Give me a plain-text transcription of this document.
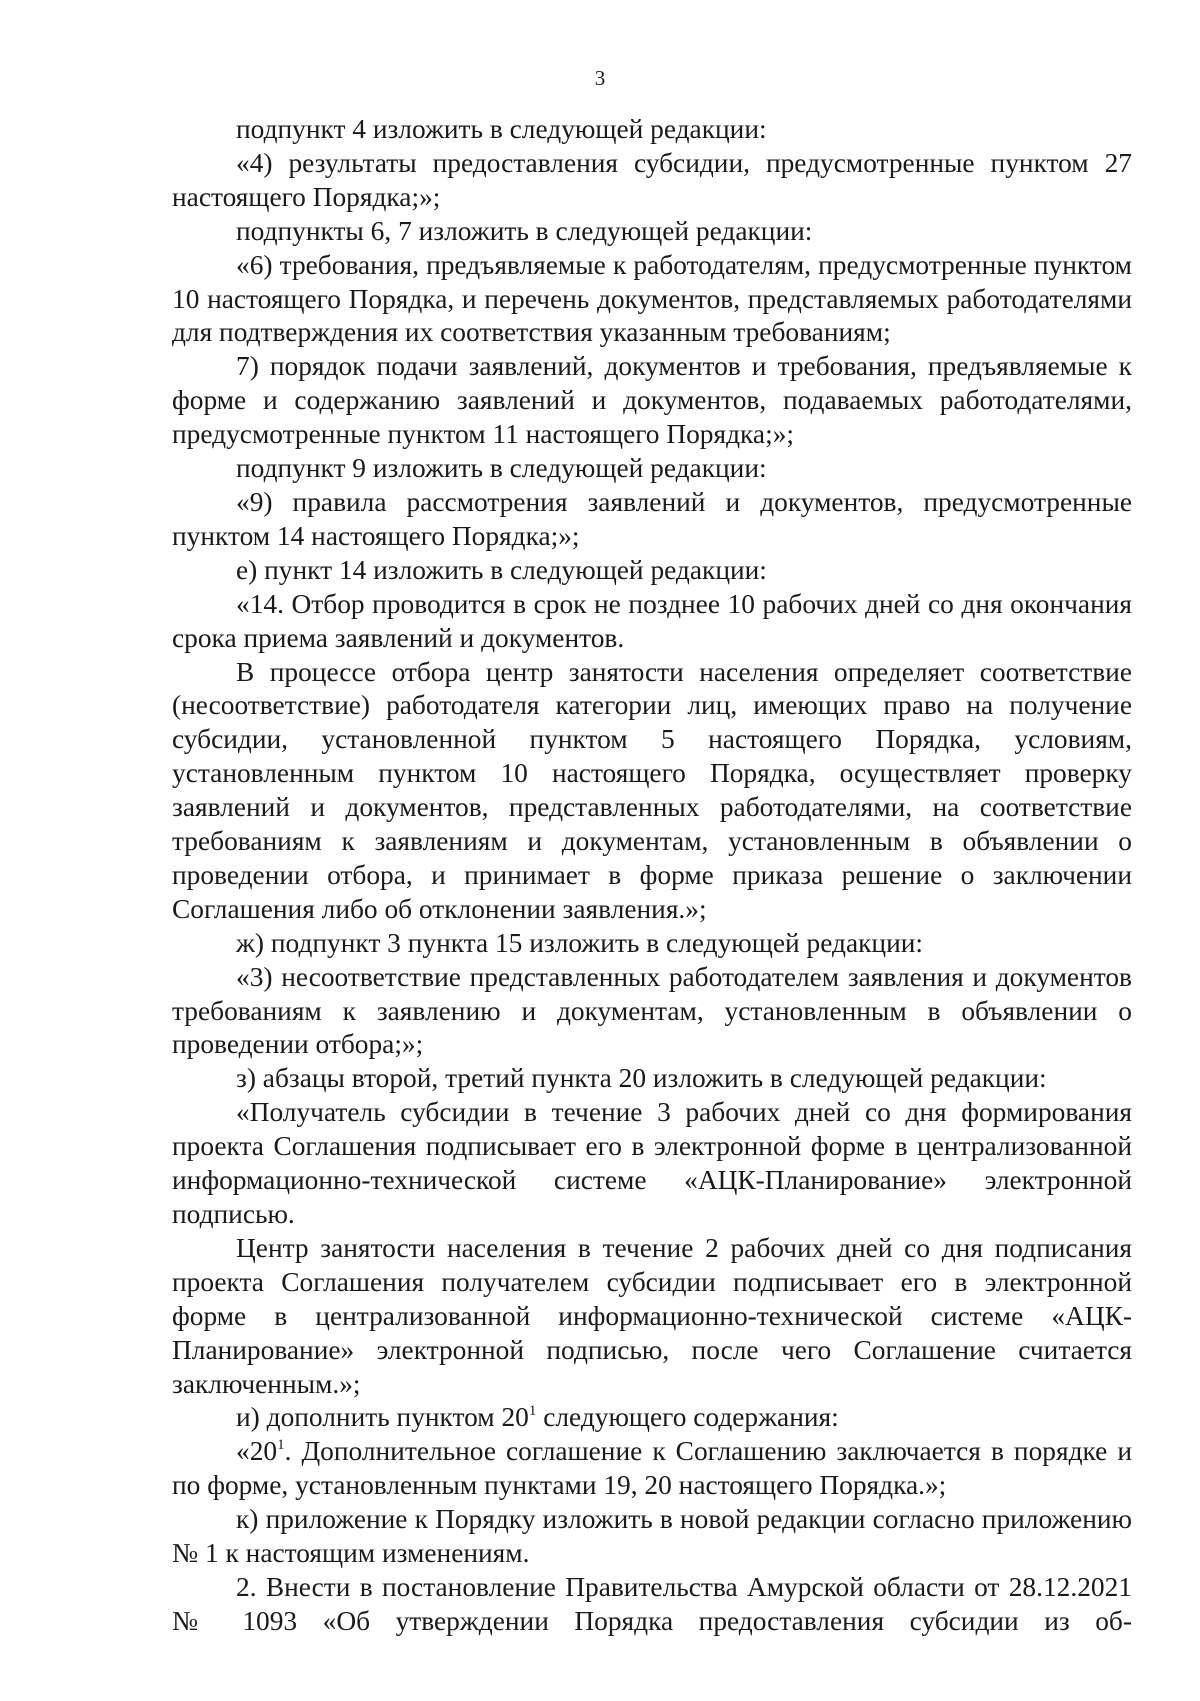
3

подпункт 4 изложить в следующей редакции:

«4) результаты предоставления субсидии, предусмотренные пунктом 27 настоящего Порядка;»;

подпункты 6, 7 изложить в следующей редакции:

«6) требования, предъявляемые к работодателям, предусмотренные пунктом 10 настоящего Порядка, и перечень документов, представляемых работодателями для подтверждения их соответствия указанным требованиям;

7) порядок подачи заявлений, документов и требования, предъявляемые к форме и содержанию заявлений и документов, подаваемых работодателями, предусмотренные пунктом 11 настоящего Порядка;»;

подпункт 9 изложить в следующей редакции:

«9) правила рассмотрения заявлений и документов, предусмотренные пунктом 14 настоящего Порядка;»;

е) пункт 14 изложить в следующей редакции:

«14. Отбор проводится в срок не позднее 10 рабочих дней со дня окончания срока приема заявлений и документов.

В процессе отбора центр занятости населения определяет соответствие (несоответствие) работодателя категории лиц, имеющих право на получение субсидии, установленной пунктом 5 настоящего Порядка, условиям, установленным пунктом 10 настоящего Порядка, осуществляет проверку заявлений и документов, представленных работодателями, на соответствие требованиям к заявлениям и документам, установленным в объявлении о проведении отбора, и принимает в форме приказа решение о заключении Соглашения либо об отклонении заявления.»;

ж) подпункт 3 пункта 15 изложить в следующей редакции:

«3) несоответствие представленных работодателем заявления и документов требованиям к заявлению и документам, установленным в объявлении о проведении отбора;»;

з) абзацы второй, третий пункта 20 изложить в следующей редакции:

«Получатель субсидии в течение 3 рабочих дней со дня формирования проекта Соглашения подписывает его в электронной форме в централизованной информационно-технической системе «АЦК-Планирование» электронной подписью.

Центр занятости населения в течение 2 рабочих дней со дня подписания проекта Соглашения получателем субсидии подписывает его в электронной форме в централизованной информационно-технической системе «АЦК-Планирование» электронной подписью, после чего Соглашение считается заключенным.»;

и) дополнить пунктом $20^1$ следующего содержания:

«$20^1$. Дополнительное соглашение к Соглашению заключается в порядке и по форме, установленным пунктами 19, 20 настоящего Порядка.»;

к) приложение к Порядку изложить в новой редакции согласно приложению № 1 к настоящим изменениям.

2. Внести в постановление Правительства Амурской области от 28.12.2021 № 1093 «Об утверждении Порядка предоставления субсидии из об-
